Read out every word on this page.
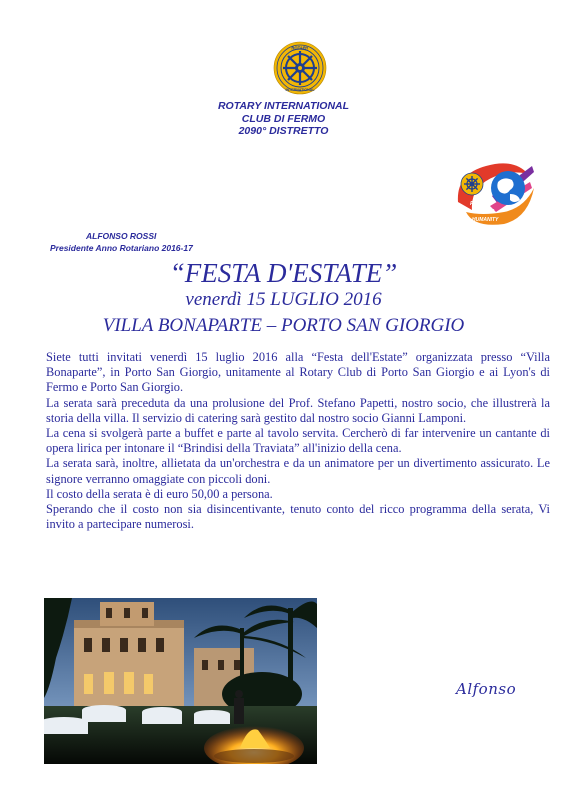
ROTARY
INTERNATIONAL
ROTARY INTERNATIONAL
CLUB DI FERMO
2090° DISTRETTO
ROTARY
SERVING
HUMANITY
ALFONSO ROSSI
Presidente Anno Rotariano 2016-17
“FESTA D'ESTATE”
venerdì 15 LUGLIO 2016
VILLA BONAPARTE – PORTO SAN GIORGIO

Siete tutti invitati venerdì 15 luglio 2016 alla “Festa dell'Estate” organizzata presso “Villa Bonaparte”, in Porto San Giorgio, unitamente al Rotary Club di Porto San Giorgio e ai Lyon's di Fermo e Porto San Giorgio.

La serata sarà preceduta da una prolusione del Prof. Stefano Papetti, nostro socio, che illustrerà la storia della villa. Il servizio di catering sarà gestito dal nostro socio Gianni Lamponi.

La cena si svolgerà parte a buffet e parte al tavolo servita. Cercherò di far intervenire un cantante di opera lirica per intonare il “Brindisi della Traviata” all'inizio della cena.

La serata sarà, inoltre, allietata da un'orchestra e da un animatore per un divertimento assicurato. Le signore verranno omaggiate con piccoli doni.

Il costo della serata è di euro 50,00 a persona.

Sperando che il costo non sia disincentivante, tenuto conto del ricco programma della serata, Vi invito a partecipare numerosi.

Alfonso
